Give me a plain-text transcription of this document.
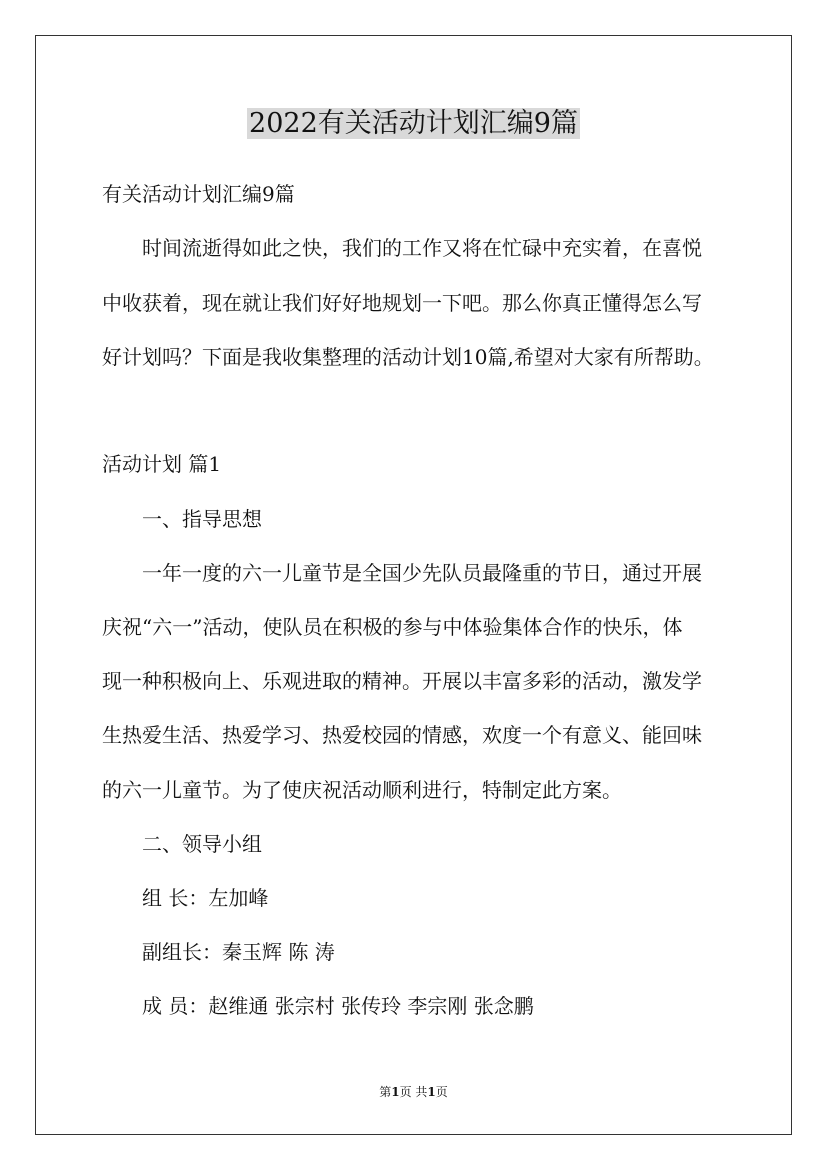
2022有关活动计划汇编9篇

有关活动计划汇编9篇

时间流逝得如此之快，我们的工作又将在忙碌中充实着，在喜悦

中收获着，现在就让我们好好地规划一下吧。那么你真正懂得怎么写

好计划吗？下面是我收集整理的活动计划10篇,希望对大家有所帮助。

活动计划 篇1

一、指导思想

一年一度的六一儿童节是全国少先队员最隆重的节日，通过开展

庆祝“六一”活动，使队员在积极的参与中体验集体合作的快乐，体

现一种积极向上、乐观进取的精神。开展以丰富多彩的活动，激发学

生热爱生活、热爱学习、热爱校园的情感，欢度一个有意义、能回味

的六一儿童节。为了使庆祝活动顺利进行，特制定此方案。

二、领导小组

组 长：左加峰

副组长：秦玉辉 陈 涛

成 员：赵维通 张宗村 张传玲 李宗刚 张念鹏

第1页 共1页
